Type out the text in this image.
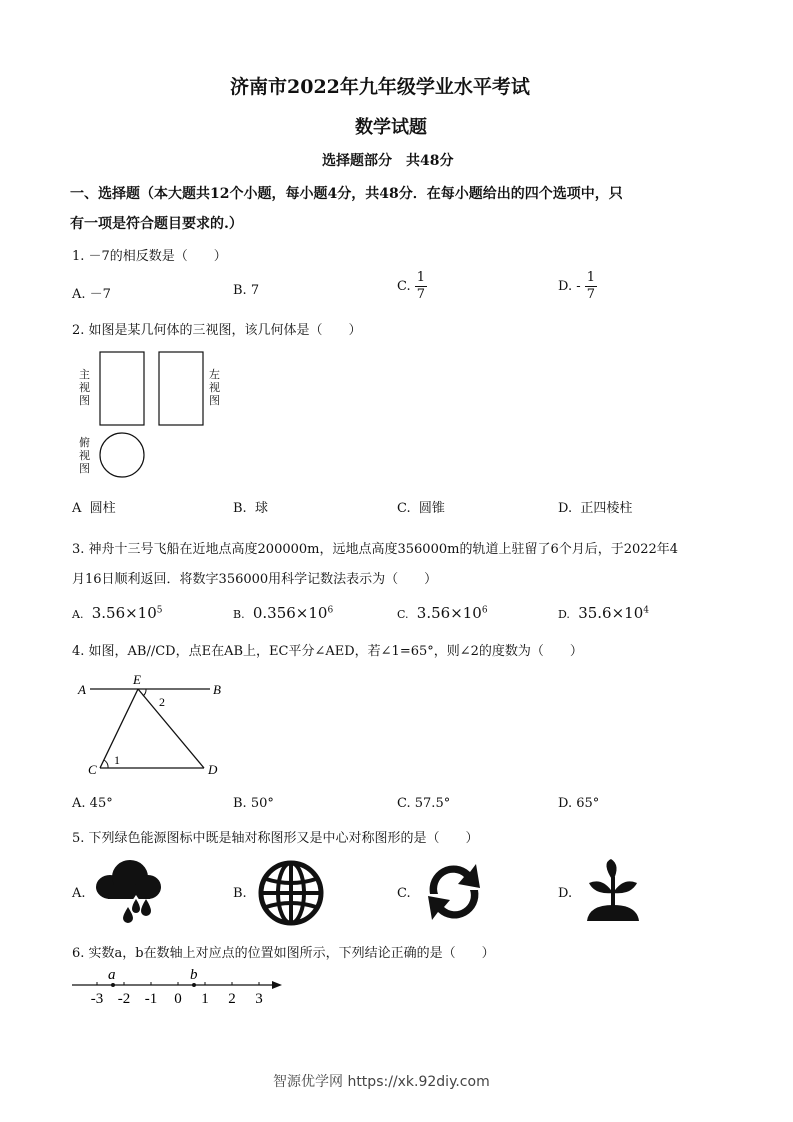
济南市2022年九年级学业水平考试
数学试题
选择题部分　共48分
一、选择题（本大题共12个小题，每小题4分，共48分．在每小题给出的四个选项中，只
有一项是符合题目要求的.）
1. －7的相反数是（　　）
A. －7	B. 7	C. $\frac{1}{7}$	D. - $\frac{1}{7}$
2. 如图是某几何体的三视图，该几何体是（　　）
主视图
左视图
俯视图
A 圆柱	B. 球	C. 圆锥	D. 正四棱柱
3. 神舟十三号飞船在近地点高度200000m，远地点高度356000m的轨道上驻留了6个月后，于2022年4
月16日顺利返回．将数字356000用科学记数法表示为（　　）
A. $3.56\times 10^5$	B. $0.356\times 10^6$	C. $3.56\times 10^6$	D. $35.6\times 10^4$
4. 如图，AB//CD，点E在AB上，EC平分∠AED，若∠1=65°，则∠2的度数为（　　）
A	B
E
C	D
1
2
A. 45°	B. 50°	C. 57.5°	D. 65°
5. 下列绿色能源图标中既是轴对称图形又是中心对称图形的是（　　）
A.	B.	C.	D.
6. 实数a，b在数轴上对应点的位置如图所示，下列结论正确的是（　　）
-3 -2 -1 0 1 2 3
a	b
智源优学网 https://xk.92diy.com
